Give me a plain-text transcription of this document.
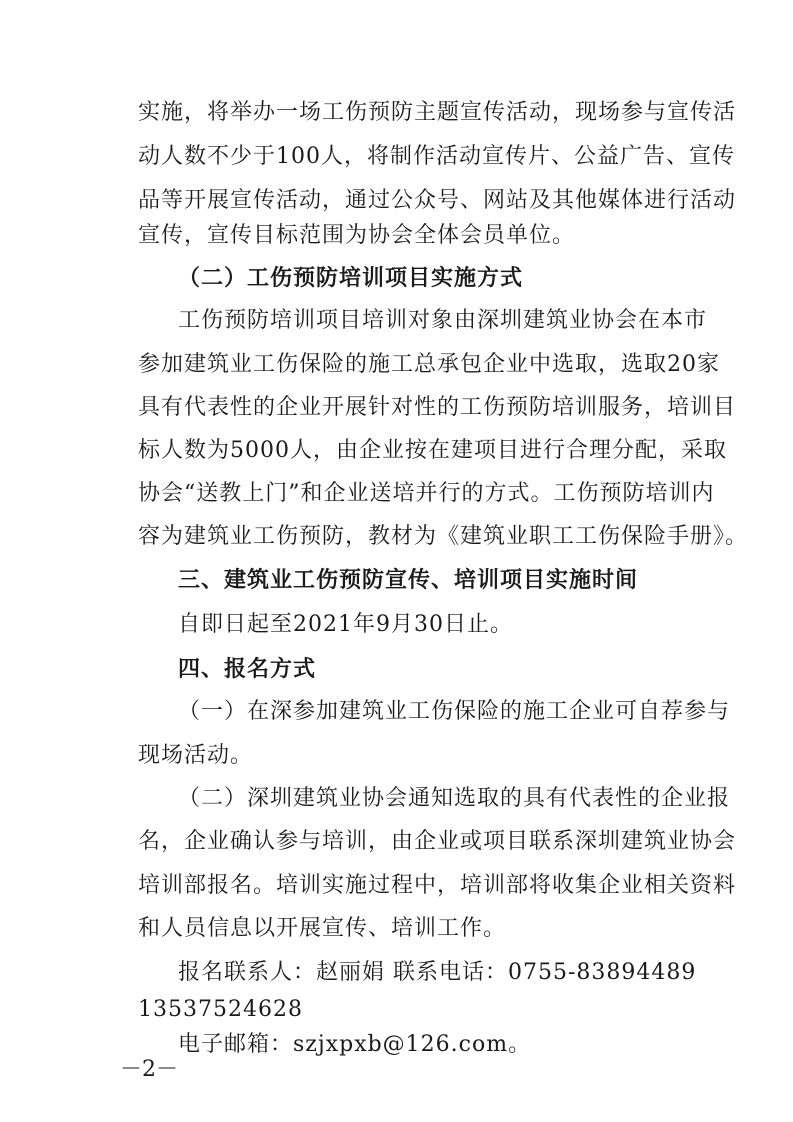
实施，将举办一场工伤预防主题宣传活动，现场参与宣传活
动人数不少于100人，将制作活动宣传片、公益广告、宣传
品等开展宣传活动，通过公众号、网站及其他媒体进行活动
宣传，宣传目标范围为协会全体会员单位。
（二）工伤预防培训项目实施方式
工伤预防培训项目培训对象由深圳建筑业协会在本市
参加建筑业工伤保险的施工总承包企业中选取，选取20家
具有代表性的企业开展针对性的工伤预防培训服务，培训目
标人数为5000人，由企业按在建项目进行合理分配，采取
协会“送教上门”和企业送培并行的方式。工伤预防培训内
容为建筑业工伤预防，教材为《建筑业职工工伤保险手册》。
三、建筑业工伤预防宣传、培训项目实施时间
自即日起至2021年9月30日止。
四、报名方式
（一）在深参加建筑业工伤保险的施工企业可自荐参与
现场活动。
（二）深圳建筑业协会通知选取的具有代表性的企业报
名，企业确认参与培训，由企业或项目联系深圳建筑业协会
培训部报名。培训实施过程中，培训部将收集企业相关资料
和人员信息以开展宣传、培训工作。
报名联系人：赵丽娟 联系电话：0755-83894489
13537524628
电子邮箱：szjxpxb@126.com。
－2－
